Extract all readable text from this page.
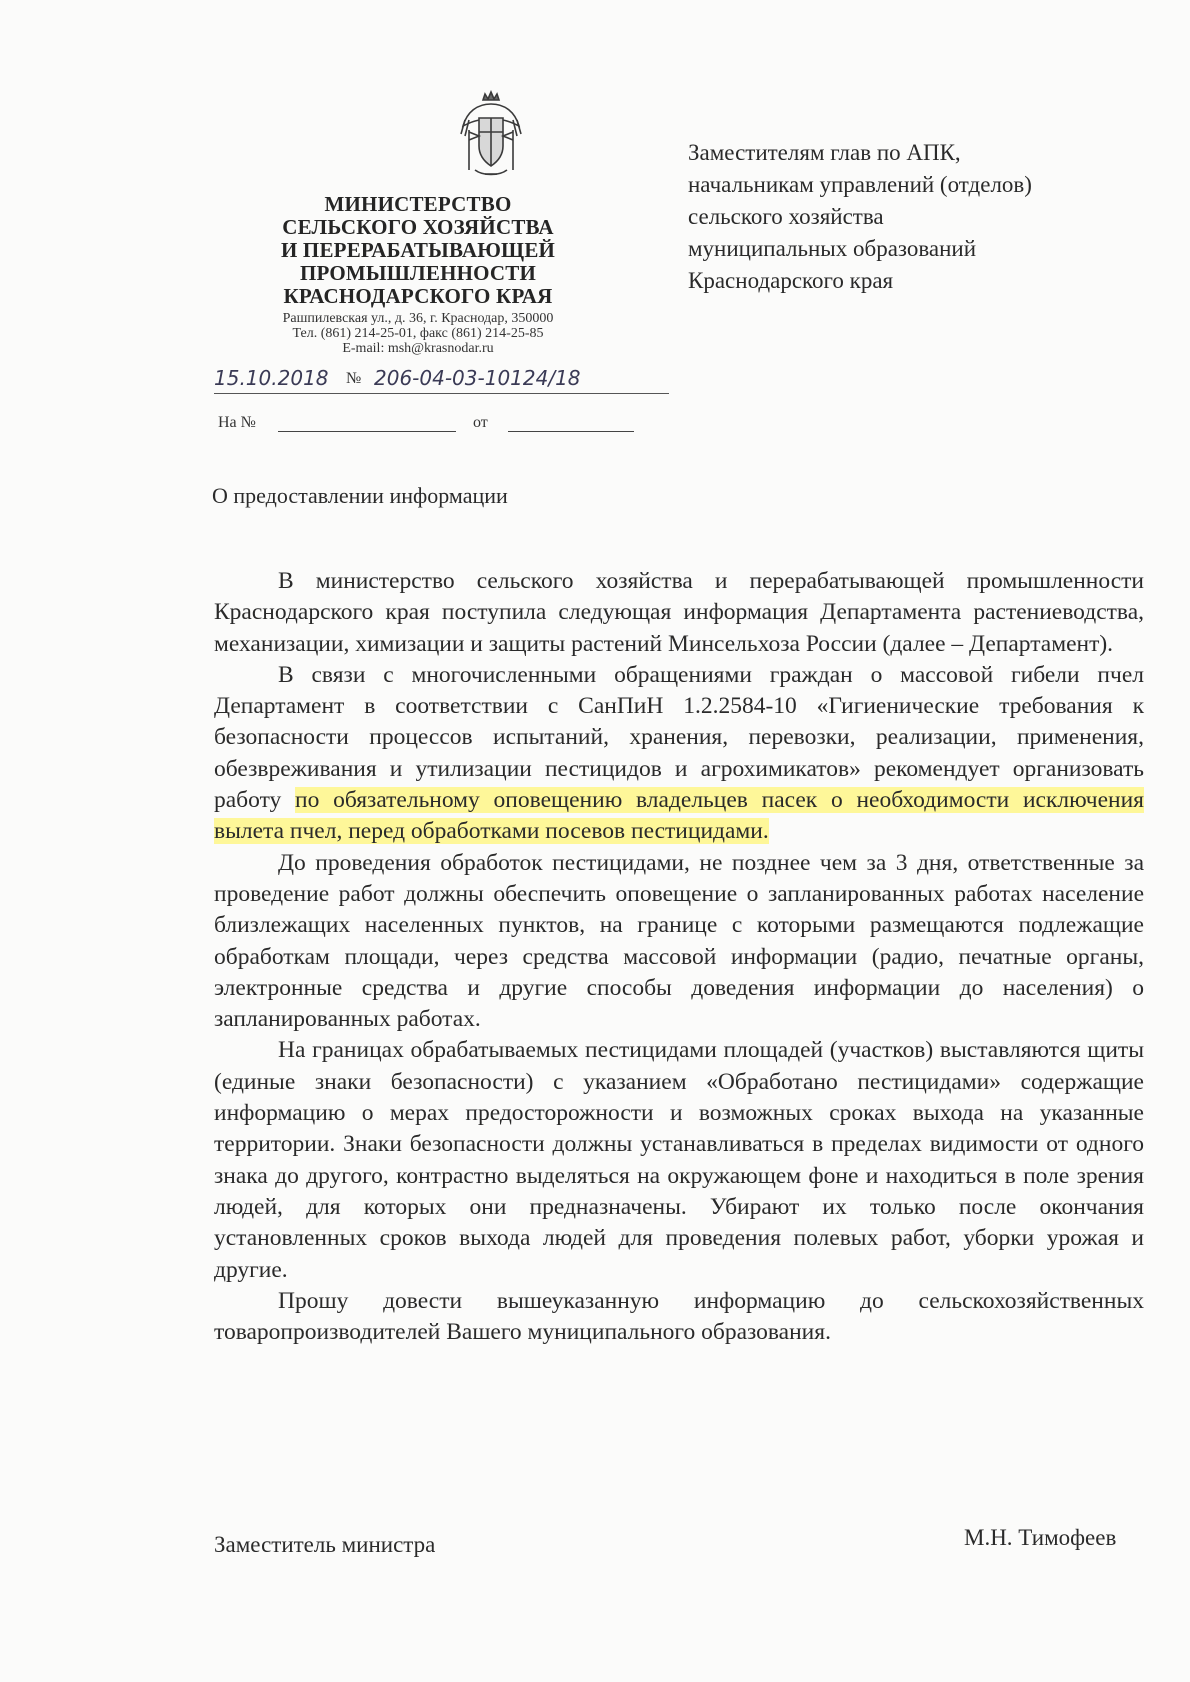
МИНИСТЕРСТВО
СЕЛЬСКОГО ХОЗЯЙСТВА
И ПЕРЕРАБАТЫВАЮЩЕЙ
ПРОМЫШЛЕННОСТИ
КРАСНОДАРСКОГО КРАЯ
Рашпилевская ул., д. 36, г. Краснодар, 350000
Тел. (861) 214-25-01, факс (861) 214-25-85
E-mail: msh@krasnodar.ru
15.10.2018 № 206-04-03-10124/18
На №	от
Заместителям глав по АПК,
начальникам управлений (отделов)
сельского хозяйства
муниципальных образований
Краснодарского края
О предоставлении информации

В министерство сельского хозяйства и перерабатывающей промышленности Краснодарского края поступила следующая информация Департамента растениеводства, механизации, химизации и защиты растений Минсельхоза России (далее – Департамент).

В связи с многочисленными обращениями граждан о массовой гибели пчел Департамент в соответствии с СанПиН 1.2.2584-10 «Гигиенические требования к безопасности процессов испытаний, хранения, перевозки, реализации, применения, обезвреживания и утилизации пестицидов и агрохимикатов» рекомендует организовать работу по обязательному оповещению владельцев пасек о необходимости исключения вылета пчел, перед обработками посевов пестицидами.

До проведения обработок пестицидами, не позднее чем за 3 дня, ответственные за проведение работ должны обеспечить оповещение о запланированных работах население близлежащих населенных пунктов, на границе с которыми размещаются подлежащие обработкам площади, через средства массовой информации (радио, печатные органы, электронные средства и другие способы доведения информации до населения) о запланированных работах.

На границах обрабатываемых пестицидами площадей (участков) выставляются щиты (единые знаки безопасности) с указанием «Обработано пестицидами» содержащие информацию о мерах предосторожности и возможных сроках выхода на указанные территории. Знаки безопасности должны устанавливаться в пределах видимости от одного знака до другого, контрастно выделяться на окружающем фоне и находиться в поле зрения людей, для которых они предназначены. Убирают их только после окончания установленных сроков выхода людей для проведения полевых работ, уборки урожая и другие.

Прошу довести вышеуказанную информацию до сельскохозяйственных товаропроизводителей Вашего муниципального образования.

Заместитель министра	М.Н. Тимофеев
